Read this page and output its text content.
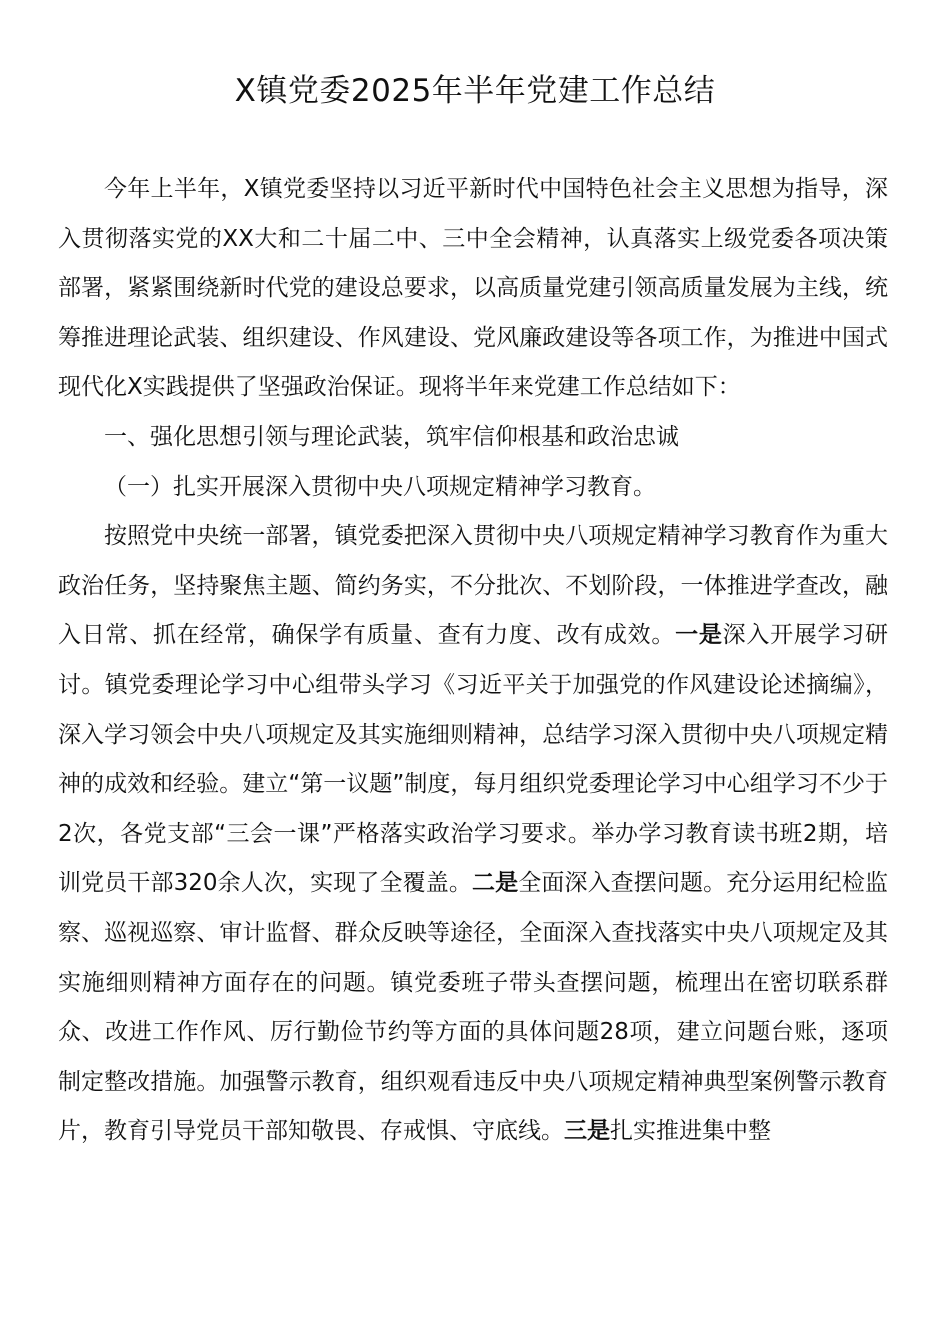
X镇党委2025年半年党建工作总结

今年上半年，X镇党委坚持以习近平新时代中国特色社会主义思想为指导，深入贯彻落实党的XX大和二十届二中、三中全会精神，认真落实上级党委各项决策部署，紧紧围绕新时代党的建设总要求，以高质量党建引领高质量发展为主线，统筹推进理论武装、组织建设、作风建设、党风廉政建设等各项工作，为推进中国式现代化X实践提供了坚强政治保证。现将半年来党建工作总结如下：

一、强化思想引领与理论武装，筑牢信仰根基和政治忠诚

（一）扎实开展深入贯彻中央八项规定精神学习教育。

按照党中央统一部署，镇党委把深入贯彻中央八项规定精神学习教育作为重大政治任务，坚持聚焦主题、简约务实，不分批次、不划阶段，一体推进学查改，融入日常、抓在经常，确保学有质量、查有力度、改有成效。一是深入开展学习研讨。镇党委理论学习中心组带头学习《习近平关于加强党的作风建设论述摘编》，深入学习领会中央八项规定及其实施细则精神，总结学习深入贯彻中央八项规定精神的成效和经验。建立“第一议题”制度，每月组织党委理论学习中心组学习不少于2次，各党支部“三会一课”严格落实政治学习要求。举办学习教育读书班2期，培训党员干部320余人次，实现了全覆盖。二是全面深入查摆问题。充分运用纪检监察、巡视巡察、审计监督、群众反映等途径，全面深入查找落实中央八项规定及其实施细则精神方面存在的问题。镇党委班子带头查摆问题，梳理出在密切联系群众、改进工作作风、厉行勤俭节约等方面的具体问题28项，建立问题台账，逐项制定整改措施。加强警示教育，组织观看违反中央八项规定精神典型案例警示教育片，教育引导党员干部知敬畏、存戒惧、守底线。三是扎实推进集中整
